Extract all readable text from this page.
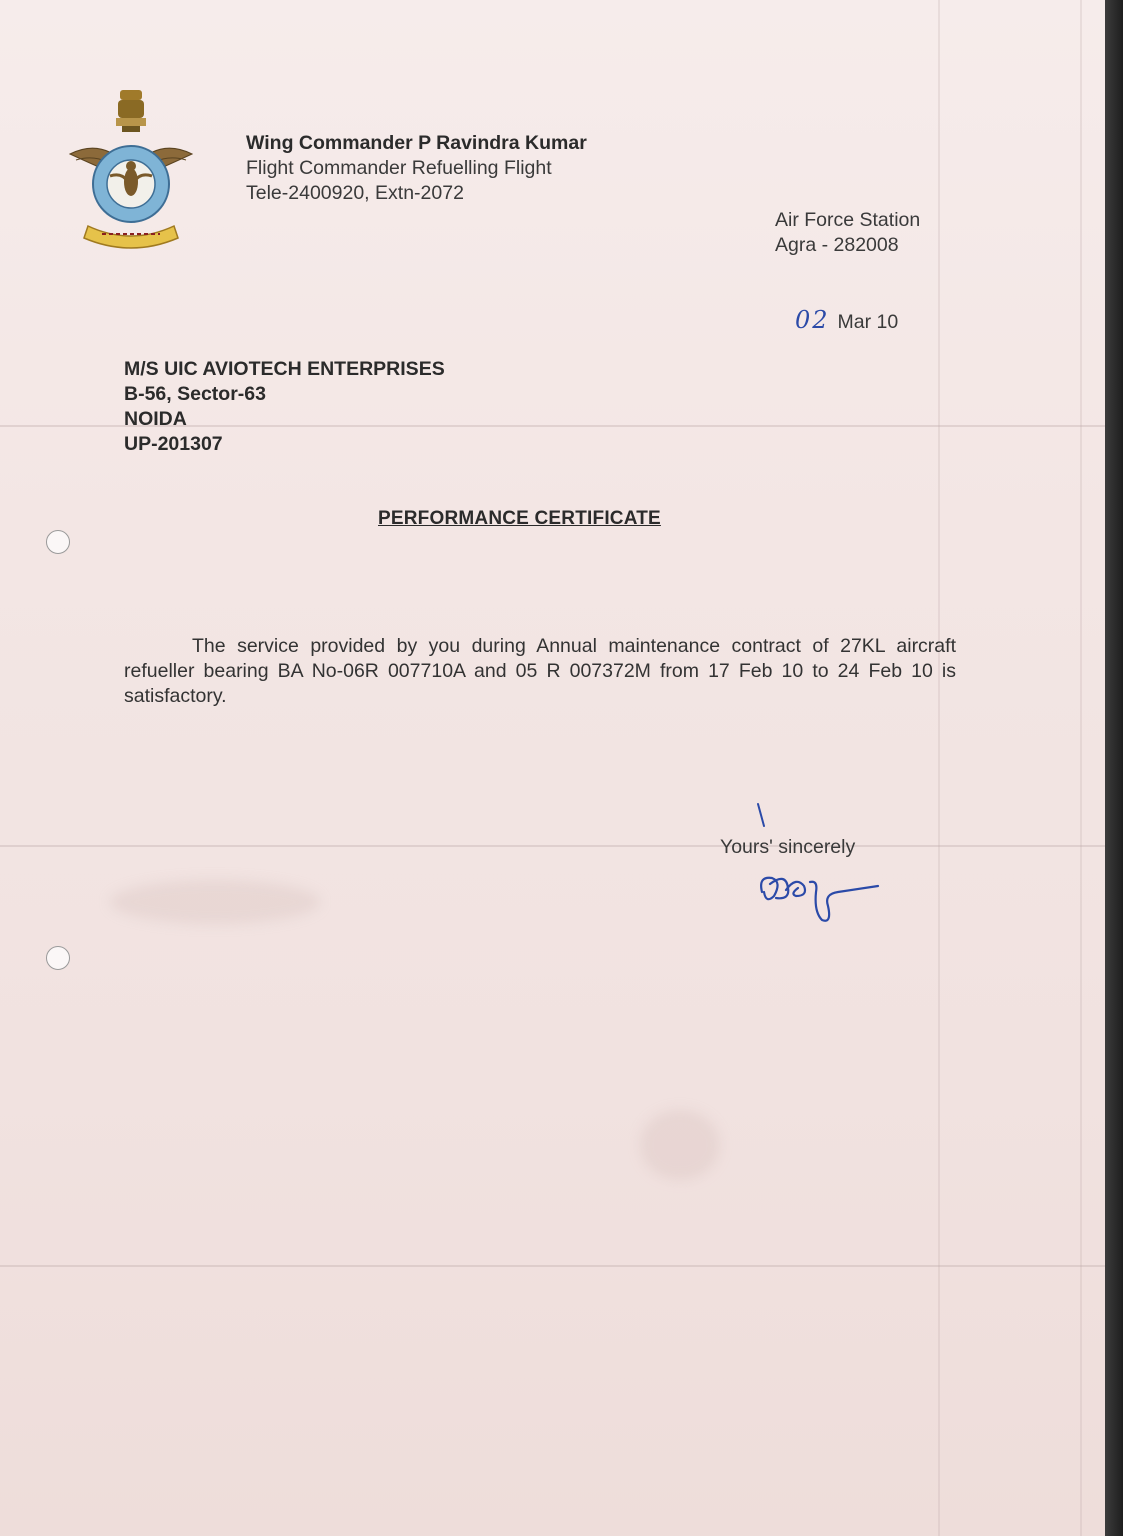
Wing Commander P Ravindra Kumar
Flight Commander Refuelling Flight
Tele-2400920, Extn-2072
Air Force Station
Agra - 282008
02 Mar 10
M/S UIC AVIOTECH ENTERPRISES
B-56, Sector-63
NOIDA
UP-201307
PERFORMANCE CERTIFICATE
The service provided by you during Annual maintenance contract of 27KL aircraft refueller bearing BA No-06R 007710A and 05 R 007372M from 17 Feb 10 to 24 Feb 10 is satisfactory.
Yours' sincerely
